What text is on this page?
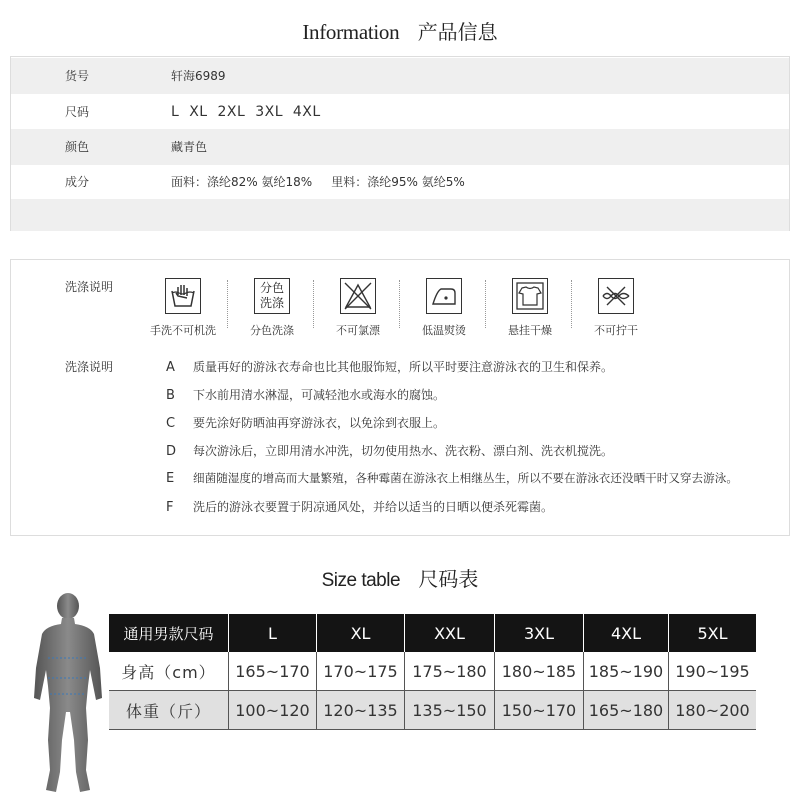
Information 产品信息
货号	轩海6989
尺码	L  XL  2XL  3XL  4XL
颜色	藏青色
成分	面料：涤纶82% 氨纶18%     里料：涤纶95% 氨纶5%
洗涤说明
手洗不可机洗
分色
洗涤
分色洗涤	不可氯漂	低温熨烫	悬挂干燥	不可拧干
洗涤说明	A 质量再好的游泳衣寿命也比其他服饰短，所以平时要注意游泳衣的卫生和保养。
B 下水前用清水淋湿，可减轻池水或海水的腐蚀。
C 要先涂好防晒油再穿游泳衣，以免涂到衣服上。
D 每次游泳后，立即用清水冲洗，切勿使用热水、洗衣粉、漂白剂、洗衣机搅洗。
E 细菌随湿度的增高而大量繁殖，各种霉菌在游泳衣上相继丛生，所以不要在游泳衣还没晒干时又穿去游泳。
F 洗后的游泳衣要置于阴凉通风处，并给以适当的日晒以便杀死霉菌。
Size table 尺码表
通用男款尺码	L	XL	XXL	3XL	4XL	5XL
身高（cm）	165~170	170~175	175~180	180~185	185~190	190~195
体重（斤）	100~120	120~135	135~150	150~170	165~180	180~200
